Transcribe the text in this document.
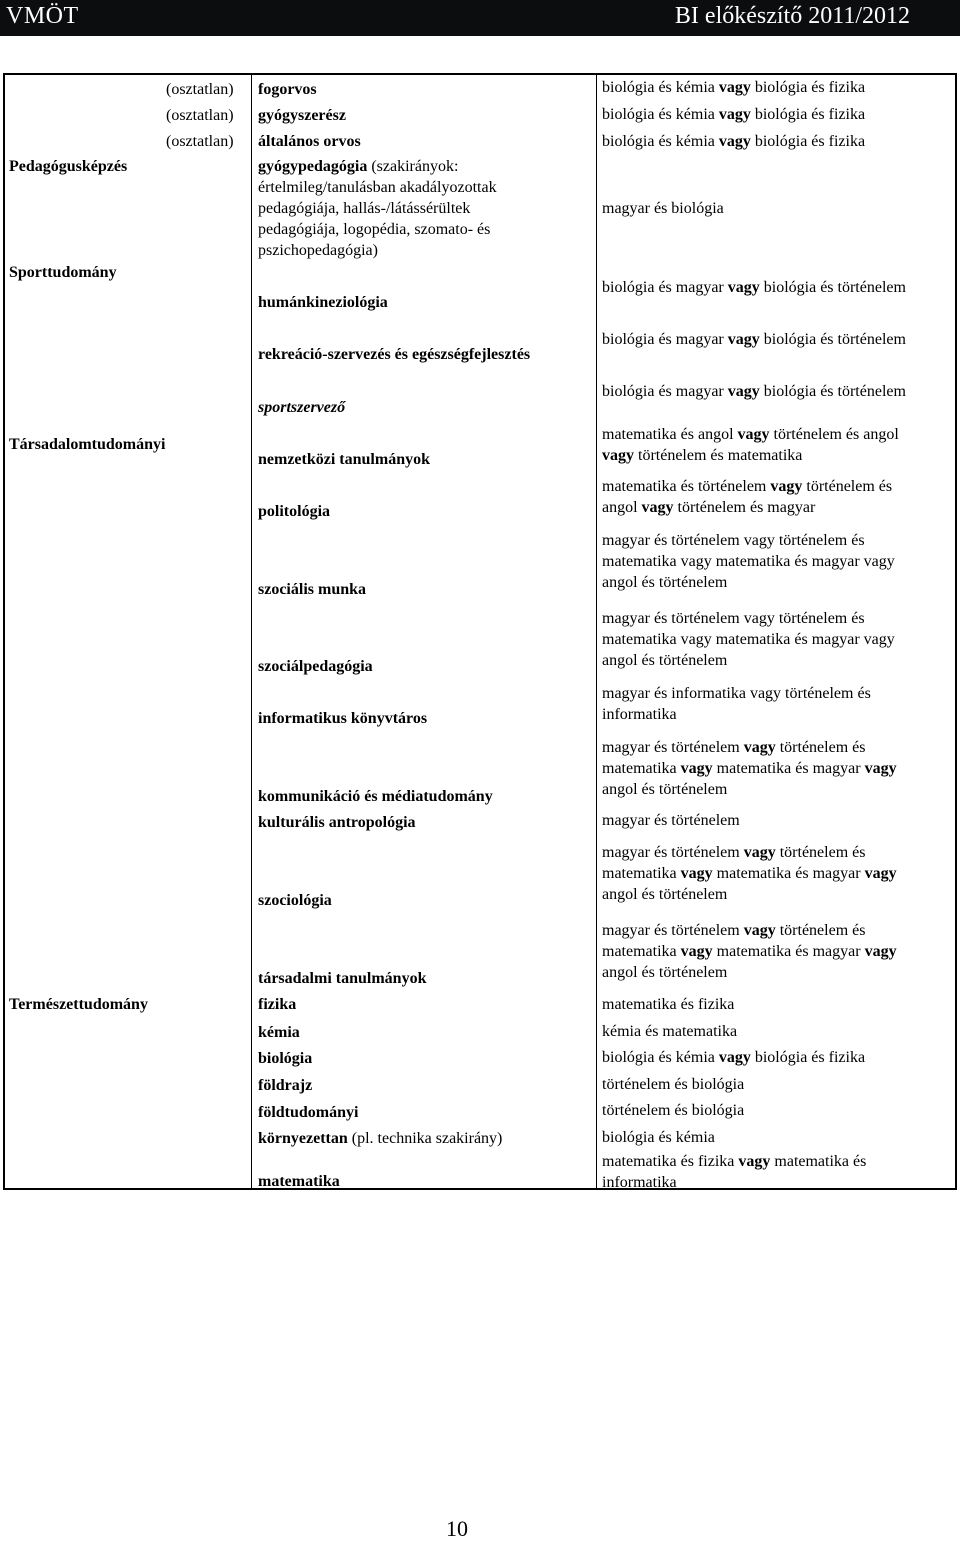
VMÖT	BI előkészítő 2011/2012
Pedagógusképzés
Sporttudomány
Társadalomtudományi
Természettudomány
(osztatlan)
(osztatlan)
(osztatlan)
fogorvos
gyógyszerész
általános orvos
gyógypedagógia (szakirányok:
értelmileg/tanulásban akadályozottak
pedagógiája, hallás-/látássérültek
pedagógiája, logopédia, szomato- és
pszichopedagógia)
humánkineziológia
rekreáció-szervezés és egészségfejlesztés
sportszervező
nemzetközi tanulmányok
politológia
szociális munka
szociálpedagógia
informatikus könyvtáros
kommunikáció és médiatudomány
kulturális antropológia
szociológia
társadalmi tanulmányok
fizika
kémia
biológia
földrajz
földtudományi
környezettan (pl. technika szakirány)
matematika
biológia és kémia vagy biológia és fizika
biológia és kémia vagy biológia és fizika
biológia és kémia vagy biológia és fizika
magyar és biológia
biológia és magyar vagy biológia és történelem
biológia és magyar vagy biológia és történelem
biológia és magyar vagy biológia és történelem
matematika és angol vagy történelem és angol
vagy történelem és matematika
matematika és történelem vagy történelem és
angol vagy történelem és magyar
magyar és történelem vagy történelem és
matematika vagy matematika és magyar vagy
angol és történelem
magyar és történelem vagy történelem és
matematika vagy matematika és magyar vagy
angol és történelem
magyar és informatika vagy történelem és
informatika
magyar és történelem vagy történelem és
matematika vagy matematika és magyar vagy
angol és történelem
magyar és történelem
magyar és történelem vagy történelem és
matematika vagy matematika és magyar vagy
angol és történelem
magyar és történelem vagy történelem és
matematika vagy matematika és magyar vagy
angol és történelem
matematika és fizika
kémia és matematika
biológia és kémia vagy biológia és fizika
történelem és biológia
történelem és biológia
biológia és kémia
matematika és fizika vagy matematika és
informatika
10
